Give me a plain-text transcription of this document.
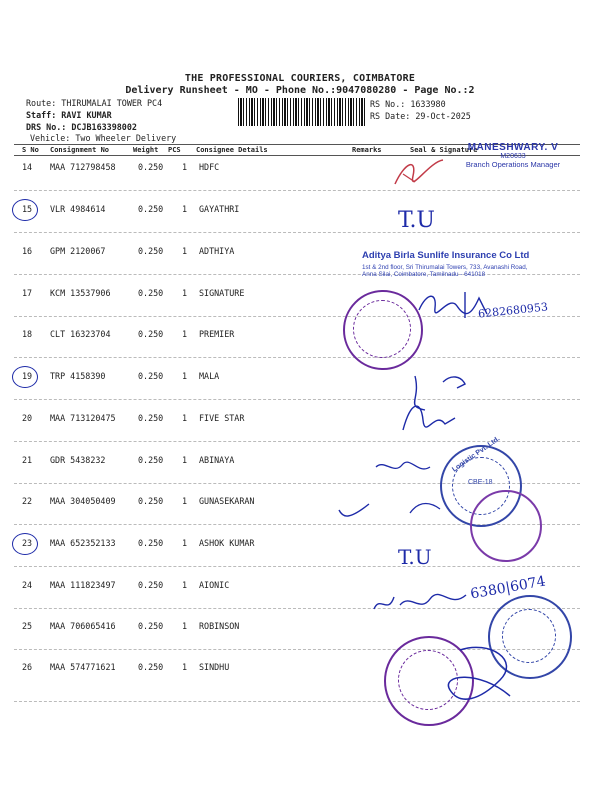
THE PROFESSIONAL COURIERS, COIMBATORE
Delivery Runsheet - MO - Phone No.:9047080280 - Page No.:2
Route: THIRUMALAI TOWER PC4
Staff: RAVI KUMAR
DRS No.: DCJB163398002
Vehicle: Two Wheeler Delivery
RS No.: 1633980
RS Date: 29-Oct-2025
S No Consignment No	Weight PCS Consignee Details	Remarks	Seal & Signature
14 MAA 712798458	0.250 1 HDFC
15 VLR 4984614	0.250 1 GAYATHRI
16 GPM 2120067	0.250 1 ADTHIYA
17 KCM 13537906	0.250 1 SIGNATURE
18 CLT 16323704	0.250 1 PREMIER
19 TRP 4158390	0.250 1 MALA
20 MAA 713120475	0.250 1 FIVE STAR
21 GDR 5438232	0.250 1 ABINAYA
22 MAA 304050409	0.250 1 GUNASEKARAN
23 MAA 652352133	0.250 1 ASHOK KUMAR
24 MAA 111823497	0.250 1 AIONIC
25 MAA 706065416	0.250 1 ROBINSON
26 MAA 574771621	0.250 1 SINDHU
MANESHWARY. V
M20633
Branch Operations Manager
T.U
T.U
Aditya Birla Sunlife Insurance Co Ltd
1st & 2nd floor, Sri Thirumalai Towers, 733, Avanashi Road,
Anna Silai, Coimbatore, Tamilnadu - 641018
6282680953
Logistic Pvt. Ltd.
CBE-18
6380|6074
